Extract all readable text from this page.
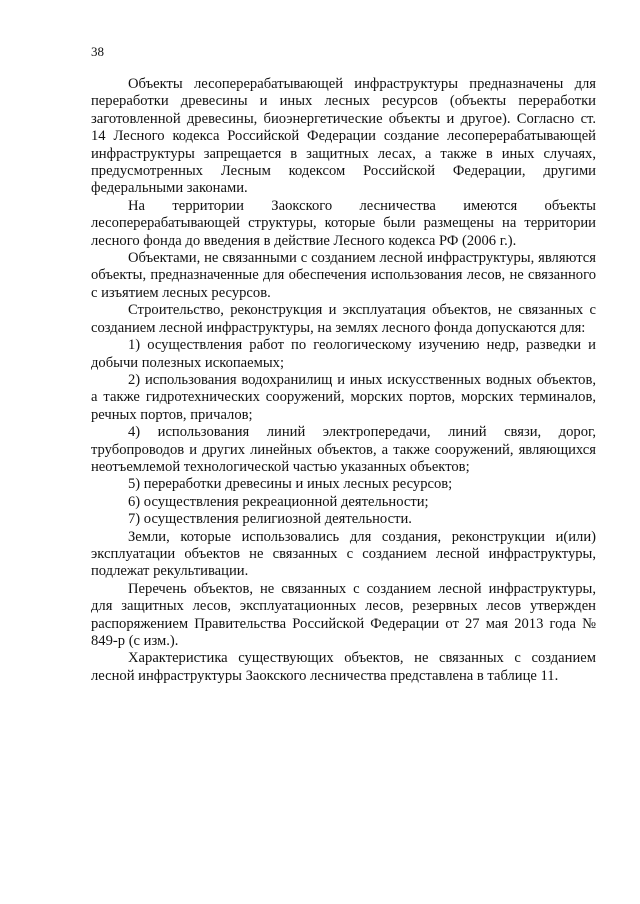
38

Объекты лесоперерабатывающей инфраструктуры предназначены для переработки древесины и иных лесных ресурсов (объекты переработки заготовленной древесины, биоэнергетические объекты и другое). Согласно ст. 14 Лесного кодекса Российской Федерации создание лесоперерабатывающей инфраструктуры запрещается в защитных лесах, а также в иных случаях, предусмотренных Лесным кодексом Российской Федерации, другими федеральными законами.

На территории Заокского лесничества имеются объекты лесоперерабатывающей структуры, которые были размещены на территории лесного фонда до введения в действие Лесного кодекса РФ (2006 г.).

Объектами, не связанными с созданием лесной инфраструктуры, являются объекты, предназначенные для обеспечения использования лесов, не связанного с изъятием лесных ресурсов.

Строительство, реконструкция и эксплуатация объектов, не связанных с созданием лесной инфраструктуры, на землях лесного фонда допускаются для:

1) осуществления работ по геологическому изучению недр, разведки и добычи полезных ископаемых;

2) использования водохранилищ и иных искусственных водных объектов, а также гидротехнических сооружений, морских портов, морских терминалов, речных портов, причалов;

4) использования линий электропередачи, линий связи, дорог, трубопроводов и других линейных объектов, а также сооружений, являющихся неотъемлемой технологической частью указанных объектов;

5) переработки древесины и иных лесных ресурсов;

6) осуществления рекреационной деятельности;

7) осуществления религиозной деятельности.

Земли, которые использовались для создания, реконструкции и(или) эксплуатации объектов не связанных с созданием лесной инфраструктуры, подлежат рекультивации.

Перечень объектов, не связанных с созданием лесной инфраструктуры, для защитных лесов, эксплуатационных лесов, резервных лесов утвержден распоряжением Правительства Российской Федерации от 27 мая 2013 года № 849-р (с изм.).

Характеристика существующих объектов, не связанных с созданием лесной инфраструктуры Заокского лесничества представлена в таблице 11.
